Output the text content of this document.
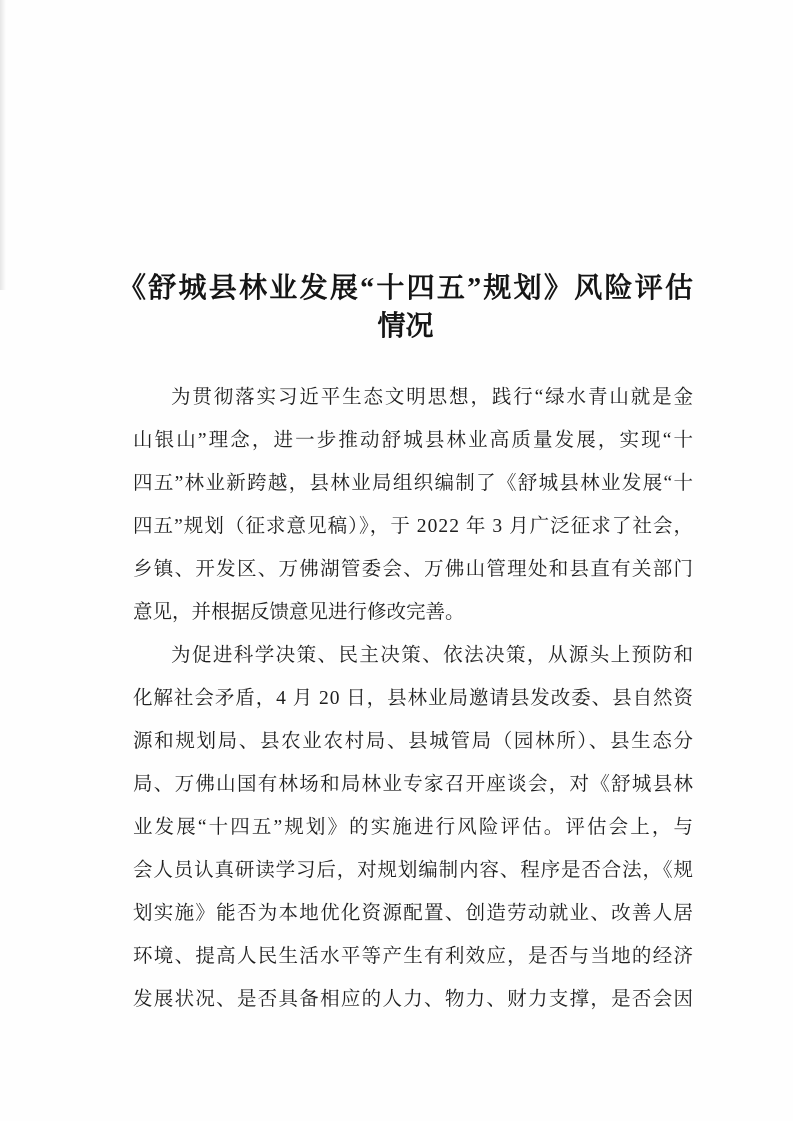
《舒城县林业发展“十四五”规划》风险评估
情况
为贯彻落实习近平生态文明思想，践行“绿水青山就是金
山银山”理念，进一步推动舒城县林业高质量发展，实现“十
四五”林业新跨越，县林业局组织编制了《舒城县林业发展“十
四五”规划（征求意见稿）》，于 2022 年 3 月广泛征求了社会，
乡镇、开发区、万佛湖管委会、万佛山管理处和县直有关部门
意见，并根据反馈意见进行修改完善。
为促进科学决策、民主决策、依法决策，从源头上预防和
化解社会矛盾，4 月 20 日，县林业局邀请县发改委、县自然资
源和规划局、县农业农村局、县城管局（园林所）、县生态分
局、万佛山国有林场和局林业专家召开座谈会，对《舒城县林
业发展“十四五”规划》的实施进行风险评估。评估会上，与
会人员认真研读学习后，对规划编制内容、程序是否合法，《规
划实施》能否为本地优化资源配置、创造劳动就业、改善人居
环境、提高人民生活水平等产生有利效应，是否与当地的经济
发展状况、是否具备相应的人力、物力、财力支撑，是否会因
